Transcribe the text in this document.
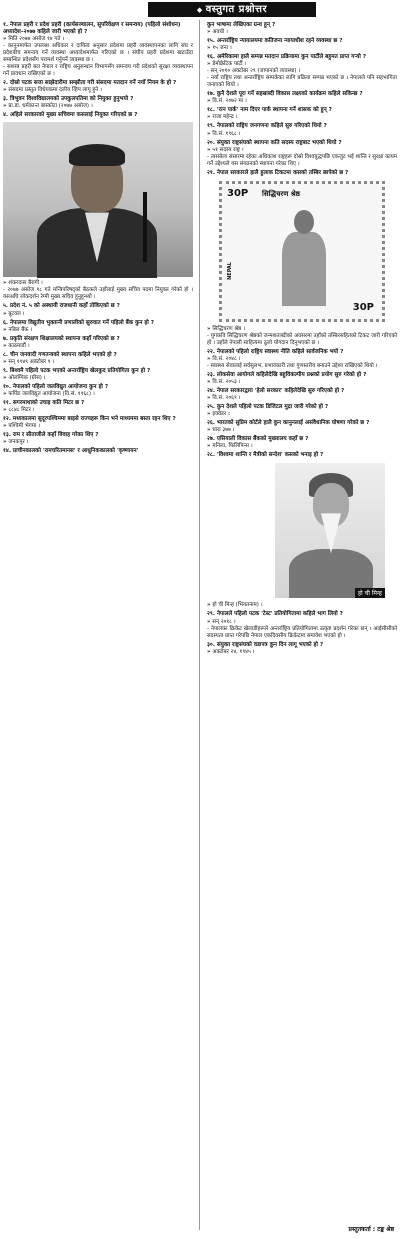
◆ वस्तुगत प्रश्नोत्तर

१. नेपाल प्रहरी र प्रदेश प्रहरी (कार्यसञ्चालन, सुपरिवेक्षण र समन्वय) (पहिलो संशोधन) अध्यादेश–२०७७ कहिले जारी भएको हो ?

» मिति २०७७ असोज १४ गते ।

- कानुनमार्फत उपलब्ध अधिकार र दायित्व अनुसार प्रदेशमा प्रहरी व्यवस्थापनका लागि संघ र प्रदेशबीच समन्वय गर्ने व्यवस्था अध्यादेशमार्फत गरिएको छ । संघीय प्रहरी प्रदेशमा खटाउँदा सम्बन्धित प्रदेशसँग परामर्श गर्नुपर्ने व्यवस्था छ ।

- सशस्त्र प्रहरी बल नेपाल र राष्ट्रिय अनुसन्धान विभागसँग समन्वय गरी प्रदेशको सुरक्षा व्यवस्थापन गर्ने प्रावधान राखिएको छ ।

२. दोस्रो पटक सत्ता साझेदारीमा सम्झौता गरी संसदमा मतदान गर्ने नयाँ नियम के हो ?

» संसदमा प्रस्तुत विधेयकमा दलीय व्हिप लागू हुने ।

३. त्रिभुवन विश्वविद्यालयको उपकुलपतिमा को नियुक्त हुनुभयो ?

» प्रा.डा. धर्मकान्त बास्कोटा (२०७७ असोज) ।

४. अहिले सरकारको मुख्य सचिवमा कसलाई नियुक्त गरिएको छ ?

» शंकरदास बैरागी ।

- २०७७ असोज १८ गते मन्त्रिपरिषद्को बैठकले उहाँलाई मुख्य सचिव पदमा नियुक्त गरेको हो । यसअघि लोकदर्शन रेग्मी मुख्य सचिव हुनुहुन्थ्यो ।

५. प्रदेश नं. ५ को अस्थायी राजधानी कहाँ तोकिएको छ ?

» बुटवल ।

६. नेपालमा विद्युतीय भुक्तानी प्रणालीको सुरुवात गर्ने पहिलो बैंक कुन हो ?

» नबिल बैंक ।

७. प्रकृति संरक्षण शिक्षालयको स्थापना कहाँ गरिएको छ ?

» काठमाडौं ।

८. चीन जनवादी गणतन्त्रको स्थापना कहिले भएको हो ?

» सन् १९४९ अक्टोबर १ ।

९. बिश्वमै पहिलो पटक भएको अन्तर्राष्ट्रिय खेलकुद प्रतियोगिता कुन हो ?

» ओलम्पिक (ग्रीस) ।

१०. नेपालको पहिलो जलविद्युत आयोजना कुन हो ?

» फर्पिङ जलविद्युत आयोजना (वि.सं. १९६८) ।

११. सगरमाथाको उचाइ कति मिटर छ ?

» ८८४८ मिटर ।

१२. मध्यकालमा सुदूरपश्चिममा बाइसे राज्यहरू किन भने माध्यममा बस्ता रहन थिए ?

» पश्चिमी भेगमा ।

१३. राम र सीताजीले कहाँ विवाह गरेका थिए ?

» जनकपुर ।

१४. प्राचीनकालको 'रामचरितमानस' र आधुनिककालको 'कृष्णायन'

कुन भाषामा लेखिएका ग्रन्थ हुन् ?

» अवधी ।

१५. अन्तर्राष्ट्रिय न्यायालयमा कतिजना न्यायाधीश रहने व्यवस्था छ ?

» १५ जना ।

१६. अमेरिकामा हालै सम्पन्न मतदान प्रक्रियामा कुन पार्टीले बहुमत प्राप्त गर्‍यो ?

» डेमोक्रेटिक पार्टी ।

- सन् २०१० अक्टोबर २९ (जापानको व्यवस्था) ।

- नयाँ राष्ट्रिय तथा अन्तर्राष्ट्रिय सम्पर्कका लागि प्रक्रिया सम्पन्न भएको छ । नेपालले पनि सहभागिता जनाएको थियो ।

१७. कुनै देशले पूरा गर्ने सहस्राब्दी विकास लक्ष्यको कार्यक्रम कहिले सकिन्छ ?

» वि.सं. २०७२ मा ।

१८. 'रत्न पार्क' नाम दिएर पार्क स्थापना गर्ने शासक को हुन् ?

» राजा महेन्द्र ।

१९. नेपालको राष्ट्रिय जनगणना कहिले सुरु गरिएको थियो ?

» वि.सं. १९६८ ।

२०. संयुक्त राष्ट्रसंघको स्थापना कति सदस्य राष्ट्रबाट भएको थियो ?

» ५१ सदस्य राष्ट्र ।

- त्यसबेला संसारमा रहेका अधिकांश राष्ट्रहरू दोस्रो विश्वयुद्धपछि एकजुट भई शान्ति र सुरक्षा कायम गर्ने उद्देश्यले यस संगठनको स्थापना गरेका थिए ।

२१. नेपाल सरकारले हालै हुलाक टिकटमा कसको तस्बिर छापेको छ ?

30P सिद्धिचरण श्रेष्ठ
NEPAL
30P

» सिद्धिचरण श्रेष्ठ ।

- युगकवि सिद्धिचरण श्रेष्ठको जन्मशताब्दीको अवसरमा उहाँको तस्बिरसहितको टिकट जारी गरिएको हो । उहाँले नेपाली साहित्यमा ठूलो योगदान दिनुभएको छ ।

२२. नेपालको पहिलो राष्ट्रिय स्वास्थ्य नीति कहिले सार्वजनिक भयो ?

» वि.सं. २०४८ ।

- स्वास्थ्य सेवालाई सर्वसुलभ, प्रभावकारी तथा गुणस्तरीय बनाउने उद्देश्य राखिएको थियो ।

२३. लोकसेवा आयोगले कहिलेदेखि बहुविकल्पीय प्रश्नको प्रयोग सुरु गरेको हो ?

» वि.सं. २०५३ ।

२४. नेपाल सरकारद्वारा 'हेलो सरकार' कहिलेदेखि सुरु गरिएको हो ?

» वि.सं. २०६९ ।

२५. कुन देशले पहिलो पटक डिजिटल मुद्रा जारी गरेको हो ?

» इक्वेडर ।

२६. भारतको सुप्रिम कोर्टले हालै कुन कानुनलाई असंवैधानिक घोषणा गरेको छ ?

» धारा ३७७ ।

२७. एसियाली विकास बैंकको मुख्यालय कहाँ छ ?

» मनिला, फिलिपिन्स ।

२८. 'विश्वमा शान्ति र मैत्रीको सन्देश' कसको भनाइ हो ?

हो ची मिन्ह

» हो ची मिन्ह (भियतनाम) ।

२९. नेपालले पहिलो पटक 'टेस्ट' प्रतियोगितामा कहिले भाग लियो ?

» सन् २०१८ ।

- नेपालका क्रिकेट खेलाडीहरूले अन्तर्राष्ट्रिय प्रतियोगितामा उत्कृष्ट प्रदर्शन गरेका छन् । आईसीसीको सदस्यता प्राप्त गरेपछि नेपाल एकदिवसीय क्रिकेटमा समावेश भएको हो ।

३०. संयुक्त राष्ट्रसंघको वडापत्र कुन दिन लागू भएको हो ?

» अक्टोबर २४, १९४५ ।

प्रस्तुतकर्ता : टङ्क श्रेष्ठ
